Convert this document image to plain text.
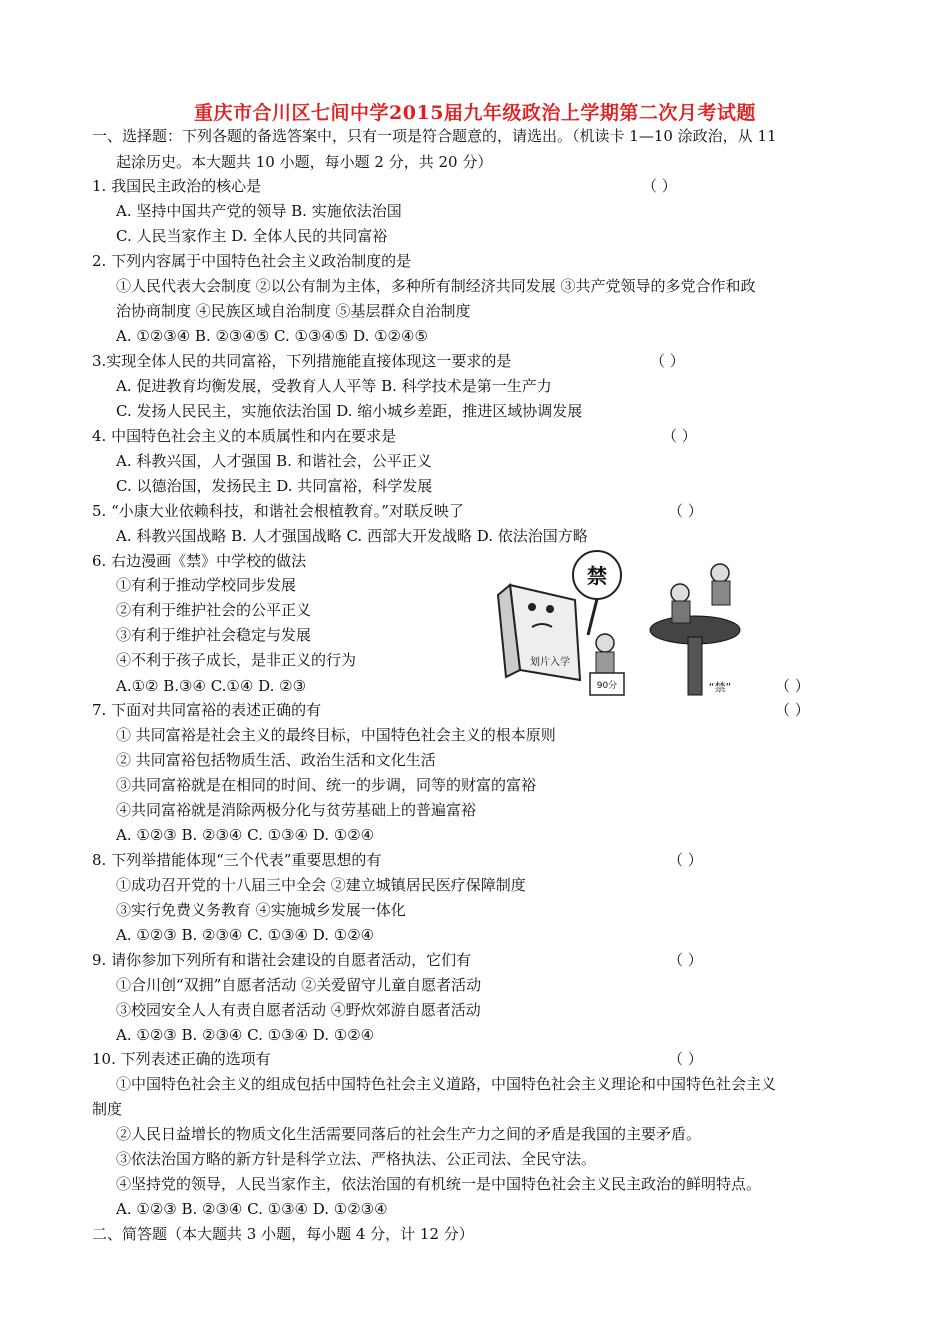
重庆市合川区七间中学2015届九年级政治上学期第二次月考试题
一、选择题：下列各题的备选答案中，只有一项是符合题意的，请选出。（机读卡 1—10 涂政治，从 11
起涂历史。本大题共 10 小题，每小题 2 分，共 20 分）
1. 我国民主政治的核心是	（ ）
A. 坚持中国共产党的领导 B. 实施依法治国
C. 人民当家作主 D. 全体人民的共同富裕
2. 下列内容属于中国特色社会主义政治制度的是
①人民代表大会制度 ②以公有制为主体，多种所有制经济共同发展 ③共产党领导的多党合作和政
治协商制度 ④民族区域自治制度 ⑤基层群众自治制度
A. ①②③④ B. ②③④⑤ C. ①③④⑤ D. ①②④⑤
3.实现全体人民的共同富裕，下列措施能直接体现这一要求的是	（ ）
A. 促进教育均衡发展，受教育人人平等 B. 科学技术是第一生产力
C. 发扬人民民主，实施依法治国 D. 缩小城乡差距，推进区域协调发展
4. 中国特色社会主义的本质属性和内在要求是	（ ）
A. 科教兴国，人才强国 B. 和谐社会，公平正义
C. 以德治国，发扬民主 D. 共同富裕，科学发展
5. “小康大业依赖科技，和谐社会根植教育。”对联反映了	（ ）
A. 科教兴国战略 B. 人才强国战略 C. 西部大开发战略 D. 依法治国方略
6. 右边漫画《禁》中学校的做法
①有利于推动学校同步发展
②有利于维护社会的公平正义
③有利于维护社会稳定与发展
④不利于孩子成长，是非正义的行为
A.①② B.③④ C.①④ D. ②③	（ ）
禁
划片入学
90分	“禁”
7. 下面对共同富裕的表述正确的有	（ ）
① 共同富裕是社会主义的最终目标，中国特色社会主义的根本原则
② 共同富裕包括物质生活、政治生活和文化生活
③共同富裕就是在相同的时间、统一的步调，同等的财富的富裕
④共同富裕就是消除两极分化与贫劳基础上的普遍富裕
A. ①②③ B. ②③④ C. ①③④ D. ①②④
8. 下列举措能体现“三个代表”重要思想的有	（ ）
①成功召开党的十八届三中全会 ②建立城镇居民医疗保障制度
③实行免费义务教育 ④实施城乡发展一体化
A. ①②③ B. ②③④ C. ①③④ D. ①②④
9. 请你参加下列所有和谐社会建设的自愿者活动，它们有	（ ）
①合川创“双拥”自愿者活动 ②关爱留守儿童自愿者活动
③校园安全人人有责自愿者活动 ④野炊郊游自愿者活动
A. ①②③ B. ②③④ C. ①③④ D. ①②④
10. 下列表述正确的选项有	（ ）
①中国特色社会主义的组成包括中国特色社会主义道路，中国特色社会主义理论和中国特色社会主义
制度
②人民日益增长的物质文化生活需要同落后的社会生产力之间的矛盾是我国的主要矛盾。
③依法治国方略的新方针是科学立法、严格执法、公正司法、全民守法。
④坚持党的领导，人民当家作主，依法治国的有机统一是中国特色社会主义民主政治的鲜明特点。
A. ①②③ B. ②③④ C. ①③④ D. ①②③④
二、简答题（本大题共 3 小题，每小题 4 分，计 12 分）
